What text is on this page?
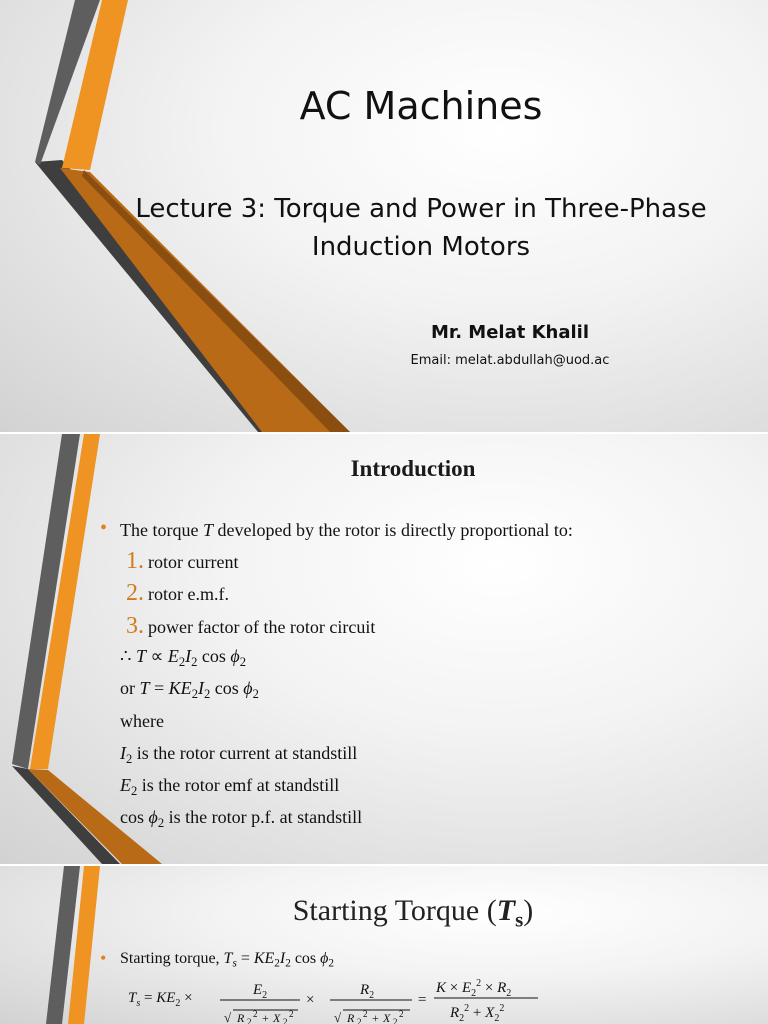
AC Machines
Lecture 3: Torque and Power in Three-Phase
Induction Motors
Mr. Melat Khalil
Email: melat.abdullah@uod.ac
Introduction
• The torque T developed by the rotor is directly proportional to:
1. rotor current
2. rotor e.m.f.
3. power factor of the rotor circuit
∴ $T \propto E_2I_2$ $\cos \phi_2$
or $T = KE_2I_2$ $\cos \phi_2$
where
$I_2$ is the rotor current at standstill
$E_2$ is the rotor emf at standstill
$\cos \phi_2$ is the rotor p.f. at standstill
Starting Torque $(T_s)$
• Starting torque, $T_s = KE_2I_2$ $\cos \phi_2$
$T_s = KE_2$ ×	$E_2$
√ R 2
2 + X 2
2
×
$R_2$
√ R 2
2 + X 2
2
=
$K \times E_2^2 \times R_2$
$R_2^2 + X_2^2$
